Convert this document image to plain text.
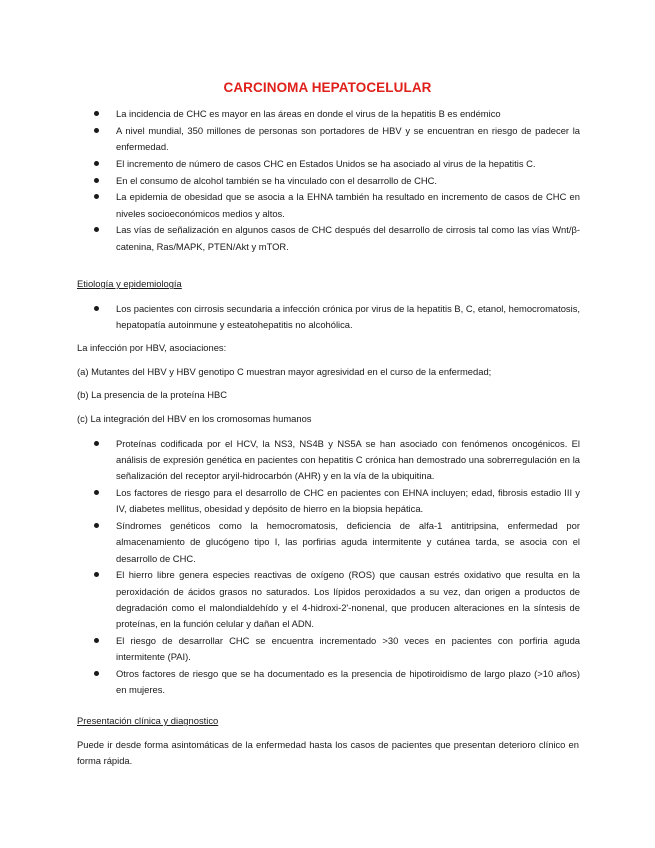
CARCINOMA HEPATOCELULAR
La incidencia de CHC es mayor en las áreas en donde el virus de la hepatitis B es endémico
A nivel mundial, 350 millones de personas son portadores de HBV y se encuentran en riesgo de padecer la enfermedad.
El incremento de número de casos CHC en Estados Unidos se ha asociado al virus de la hepatitis C.
En el consumo de alcohol también se ha vinculado con el desarrollo de CHC.
La epidemia de obesidad que se asocia a la EHNA también ha resultado en incremento de casos de CHC en niveles socioeconómicos medios y altos.
Las vías de señalización en algunos casos de CHC después del desarrollo de cirrosis tal como las vías Wnt/β-catenina, Ras/MAPK, PTEN/Akt y mTOR.

Etiología y epidemiología

Los pacientes con cirrosis secundaria a infección crónica por virus de la hepatitis B, C, etanol, hemocromatosis, hepatopatía autoinmune y esteatohepatitis no alcohólica.

La infección por HBV, asociaciones:

(a) Mutantes del HBV y HBV genotipo C muestran mayor agresividad en el curso de la enfermedad;

(b) La presencia de la proteína HBC

(c) La integración del HBV en los cromosomas humanos

Proteínas codificada por el HCV, la NS3, NS4B y NS5A se han asociado con fenómenos oncogénicos. El análisis de expresión genética en pacientes con hepatitis C crónica han demostrado una sobrerregulación en la señalización del receptor aryil-hidrocarbón (AHR) y en la vía de la ubiquitina.
Los factores de riesgo para el desarrollo de CHC en pacientes con EHNA incluyen; edad, fibrosis estadio III y IV, diabetes mellitus, obesidad y depósito de hierro en la biopsia hepática.
Síndromes genéticos como la hemocromatosis, deficiencia de alfa-1 antitripsina, enfermedad por almacenamiento de glucógeno tipo I, las porfirias aguda intermitente y cutánea tarda, se asocia con el desarrollo de CHC.
El hierro libre genera especies reactivas de oxígeno (ROS) que causan estrés oxidativo que resulta en la peroxidación de ácidos grasos no saturados. Los lípidos peroxidados a su vez, dan origen a productos de degradación como el malondialdehído y el 4-hidroxi-2'-nonenal, que producen alteraciones en la síntesis de proteínas, en la función celular y dañan el ADN.
El riesgo de desarrollar CHC se encuentra incrementado >30 veces en pacientes con porfiria aguda intermitente (PAI).
Otros factores de riesgo que se ha documentado es la presencia de hipotiroidismo de largo plazo (>10 años) en mujeres.

Presentación clínica y diagnostico

Puede ir desde forma asintomáticas de la enfermedad hasta los casos de pacientes que presentan deterioro clínico en forma rápida.
